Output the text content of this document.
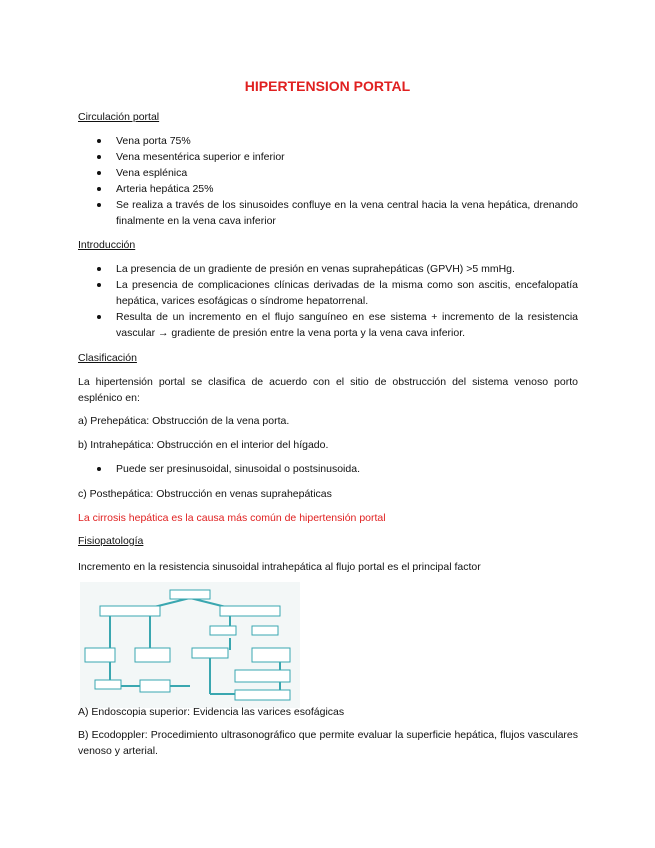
HIPERTENSION PORTAL
Circulación portal
Vena porta 75%
Vena mesentérica superior e inferior
Vena esplénica
Arteria hepática 25%
Se realiza a través de los sinusoides confluye en la vena central hacia la vena hepática, drenando finalmente en la vena cava inferior
Introducción
La presencia de un gradiente de presión en venas suprahepáticas (GPVH) >5 mmHg.
La presencia de complicaciones clínicas derivadas de la misma como son ascitis, encefalopatía hepática, varices esofágicas o síndrome hepatorrenal.
Resulta de un incremento en el flujo sanguíneo en ese sistema + incremento de la resistencia vascular → gradiente de presión entre la vena porta y la vena cava inferior.
Clasificación
La hipertensión portal se clasifica de acuerdo con el sitio de obstrucción del sistema venoso porto esplénico en:
a) Prehepática: Obstrucción de la vena porta.
b) Intrahepática: Obstrucción en el interior del hígado.
Puede ser presinusoidal, sinusoidal o postsinusoida.
c) Posthepática: Obstrucción en venas suprahepáticas
La cirrosis hepática es la causa más común de hipertensión portal
Fisiopatología
Incremento en la resistencia sinusoidal intrahepática al flujo portal es el principal factor
A) Endoscopia superior: Evidencia las varices esofágicas
B) Ecodoppler: Procedimiento ultrasonográfico que permite evaluar la superficie hepática, flujos vasculares venoso y arterial.
